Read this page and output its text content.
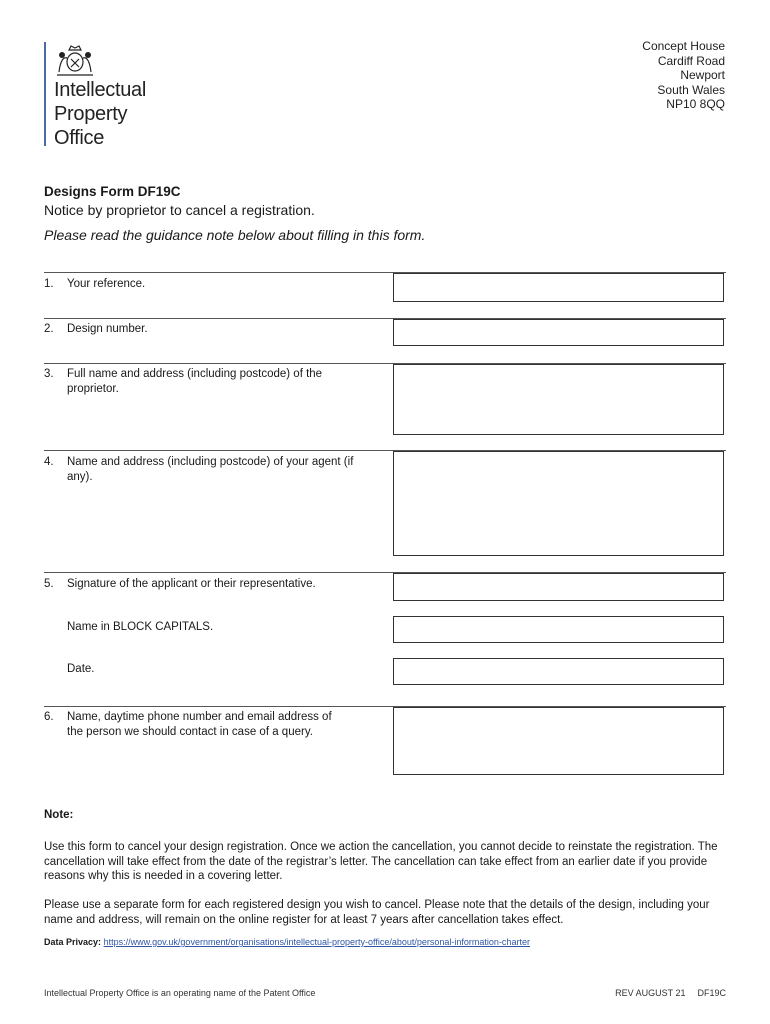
Intellectual
Property
Office
Concept House
Cardiff Road
Newport
South Wales
NP10 8QQ
Designs Form DF19C
Notice by proprietor to cancel a registration.
Please read the guidance note below about filling in this form.
1. Your reference.
2. Design number.
3. Full name and address (including postcode) of the proprietor.
4. Name and address (including postcode) of your agent (if any).
5. Signature of the applicant or their representative.
Name in BLOCK CAPITALS.
Date.
6. Name, daytime phone number and email address of the person we should contact in case of a query.
Note:
Use this form to cancel your design registration. Once we action the cancellation, you cannot decide to reinstate the registration. The cancellation will take effect from the date of the registrar’s letter. The cancellation can take effect from an earlier date if you provide reasons why this is needed in a covering letter.
Please use a separate form for each registered design you wish to cancel. Please note that the details of the design, including your name and address, will remain on the online register for at least 7 years after cancellation takes effect.
Data Privacy: https://www.gov.uk/government/organisations/intellectual-property-office/about/personal-information-charter
Intellectual Property Office is an operating name of the Patent Office	REV AUGUST 21 DF19C
